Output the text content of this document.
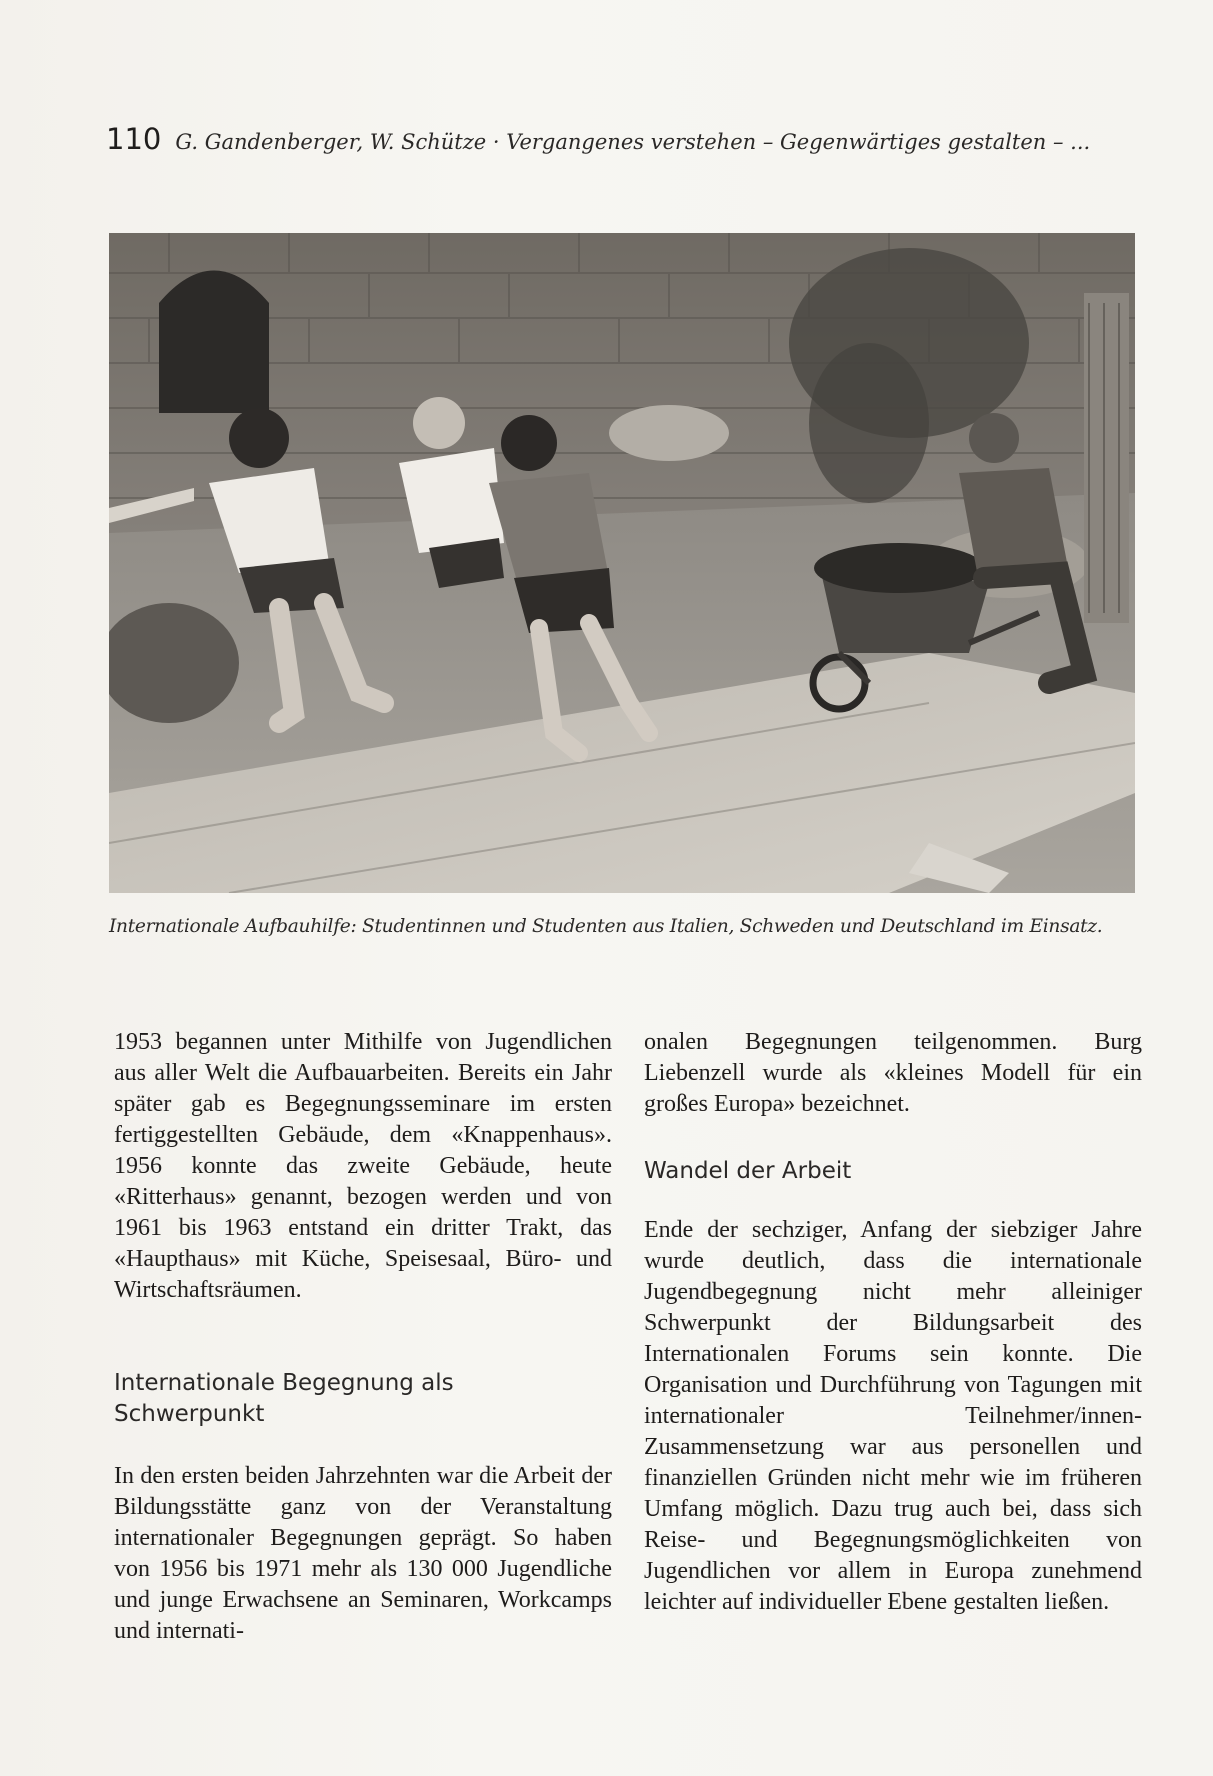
110 G. Gandenberger, W. Schütze · Vergangenes verstehen – Gegenwärtiges gestalten – ...
Internationale Aufbauhilfe: Studentinnen und Studenten aus Italien, Schweden und Deutschland im Einsatz.

1953 begannen unter Mithilfe von Jugendlichen aus aller Welt die Aufbauarbeiten. Bereits ein Jahr später gab es Begegnungsseminare im ersten fertiggestellten Gebäude, dem «Knappenhaus». 1956 konnte das zweite Gebäude, heute «Ritterhaus» genannt, bezogen werden und von 1961 bis 1963 entstand ein dritter Trakt, das «Haupthaus» mit Küche, Speisesaal, Büro- und Wirtschaftsräumen.

Internationale Begegnung als Schwerpunkt

In den ersten beiden Jahrzehnten war die Arbeit der Bildungsstätte ganz von der Veranstaltung internationaler Begegnungen geprägt. So haben von 1956 bis 1971 mehr als 130 000 Jugendliche und junge Erwachsene an Seminaren, Workcamps und internati-

onalen Begegnungen teilgenommen. Burg Liebenzell wurde als «kleines Modell für ein großes Europa» bezeichnet.

Wandel der Arbeit

Ende der sechziger, Anfang der siebziger Jahre wurde deutlich, dass die internationale Jugendbegegnung nicht mehr alleiniger Schwerpunkt der Bildungsarbeit des Internationalen Forums sein konnte. Die Organisation und Durchführung von Tagungen mit internationaler Teilnehmer/innen-Zusammensetzung war aus personellen und finanziellen Gründen nicht mehr wie im früheren Umfang möglich. Dazu trug auch bei, dass sich Reise- und Begegnungsmöglichkeiten von Jugendlichen vor allem in Europa zunehmend leichter auf individueller Ebene gestalten ließen.
